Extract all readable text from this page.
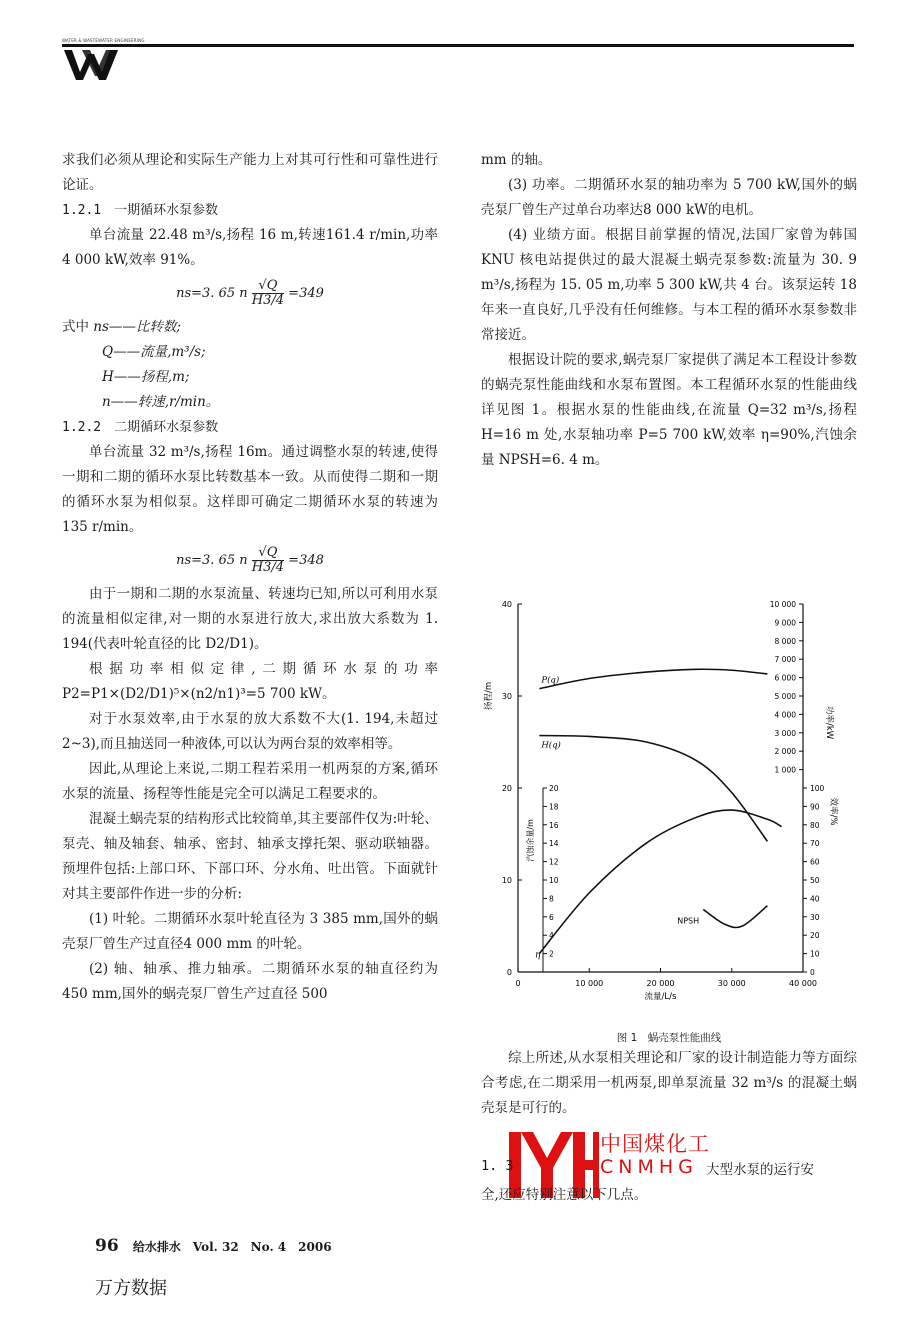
WATER & WASTEWATER ENGINEERING

求我们必须从理论和实际生产能力上对其可行性和可靠性进行论证。

1.2.1　一期循环水泵参数

单台流量 22.48 m³/s,扬程 16 m,转速161.4 r/min,功率 4 000 kW,效率 91%。

ns=3. 65 n $\frac{√Q}{H3/4} =349$

式中 ns——比转数;

Q——流量,m³/s;

H——扬程,m;

n——转速,r/min。

1.2.2　二期循环水泵参数

单台流量 32 m³/s,扬程 16m。通过调整水泵的转速,使得一期和二期的循环水泵比转数基本一致。从而使得二期和一期的循环水泵为相似泵。这样即可确定二期循环水泵的转速为 135 r/min。

ns=3. 65 n $\frac{√Q}{H3/4} =348$

由于一期和二期的水泵流量、转速均已知,所以可利用水泵的流量相似定律,对一期的水泵进行放大,求出放大系数为 1. 194(代表叶轮直径的比 D2/D1)。

根据功率相似定律,二期循环水泵的功率 P2=P1×(D2/D1)⁵×(n2/n1)³=5 700 kW。

对于水泵效率,由于水泵的放大系数不大(1. 194,未超过 2~3),而且抽送同一种液体,可以认为两台泵的效率相等。

因此,从理论上来说,二期工程若采用一机两泵的方案,循环水泵的流量、扬程等性能是完全可以满足工程要求的。

混凝土蜗壳泵的结构形式比较简单,其主要部件仅为:叶轮、泵壳、轴及轴套、轴承、密封、轴承支撑托架、驱动联轴器。预埋件包括:上部口环、下部口环、分水角、吐出管。下面就针对其主要部件作进一步的分析:

(1) 叶轮。二期循环水泵叶轮直径为 3 385 mm,国外的蜗壳泵厂曾生产过直径4 000 mm 的叶轮。

(2) 轴、轴承、推力轴承。二期循环水泵的轴直径约为 450 mm,国外的蜗壳泵厂曾生产过直径 500

mm 的轴。

(3) 功率。二期循环水泵的轴功率为 5 700 kW,国外的蜗壳泵厂曾生产过单台功率达8 000 kW的电机。

(4) 业绩方面。根据目前掌握的情况,法国厂家曾为韩国 KNU 核电站提供过的最大混凝土蜗壳泵参数:流量为 30. 9 m³/s,扬程为 15. 05 m,功率 5 300 kW,共 4 台。该泵运转 18 年来一直良好,几乎没有任何维修。与本工程的循环水泵参数非常接近。

根据设计院的要求,蜗壳泵厂家提供了满足本工程设计参数的蜗壳泵性能曲线和水泵布置图。本工程循环水泵的性能曲线详见图 1。根据水泵的性能曲线,在流量 Q=32 m³/s,扬程 H=16 m 处,水泵轴功率 P=5 700 kW,效率 η=90%,汽蚀余量 NPSH=6. 4 m。

0
10
20
30
40
扬程/m
0	10 000	20 000	30 000	40 000
流量/L/s
1 000
2 000
3 000
4 000
5 000
6 000
7 000
8 000
9 000
10 000
功率/kW
0
10
20
30
40
50
60
70
80
90
100
效率/%
2
4
6
8
10
12
14
16
18
20
汽蚀余量/m
η
P(q)
H(q)
NPSH
图 1　蜗壳泵性能曲线

综上所述,从水泵相关理论和厂家的设计制造能力等方面综合考虑,在二期采用一机两泵,即单泵流量 32 m³/s 的混凝土蜗壳泵是可行的。

中国煤化工
CNMHG
1. 3	大型水泵的运行安
全,还应特别注意以下几点。
96 给水排水　Vol. 32　No. 4　2006
万方数据
